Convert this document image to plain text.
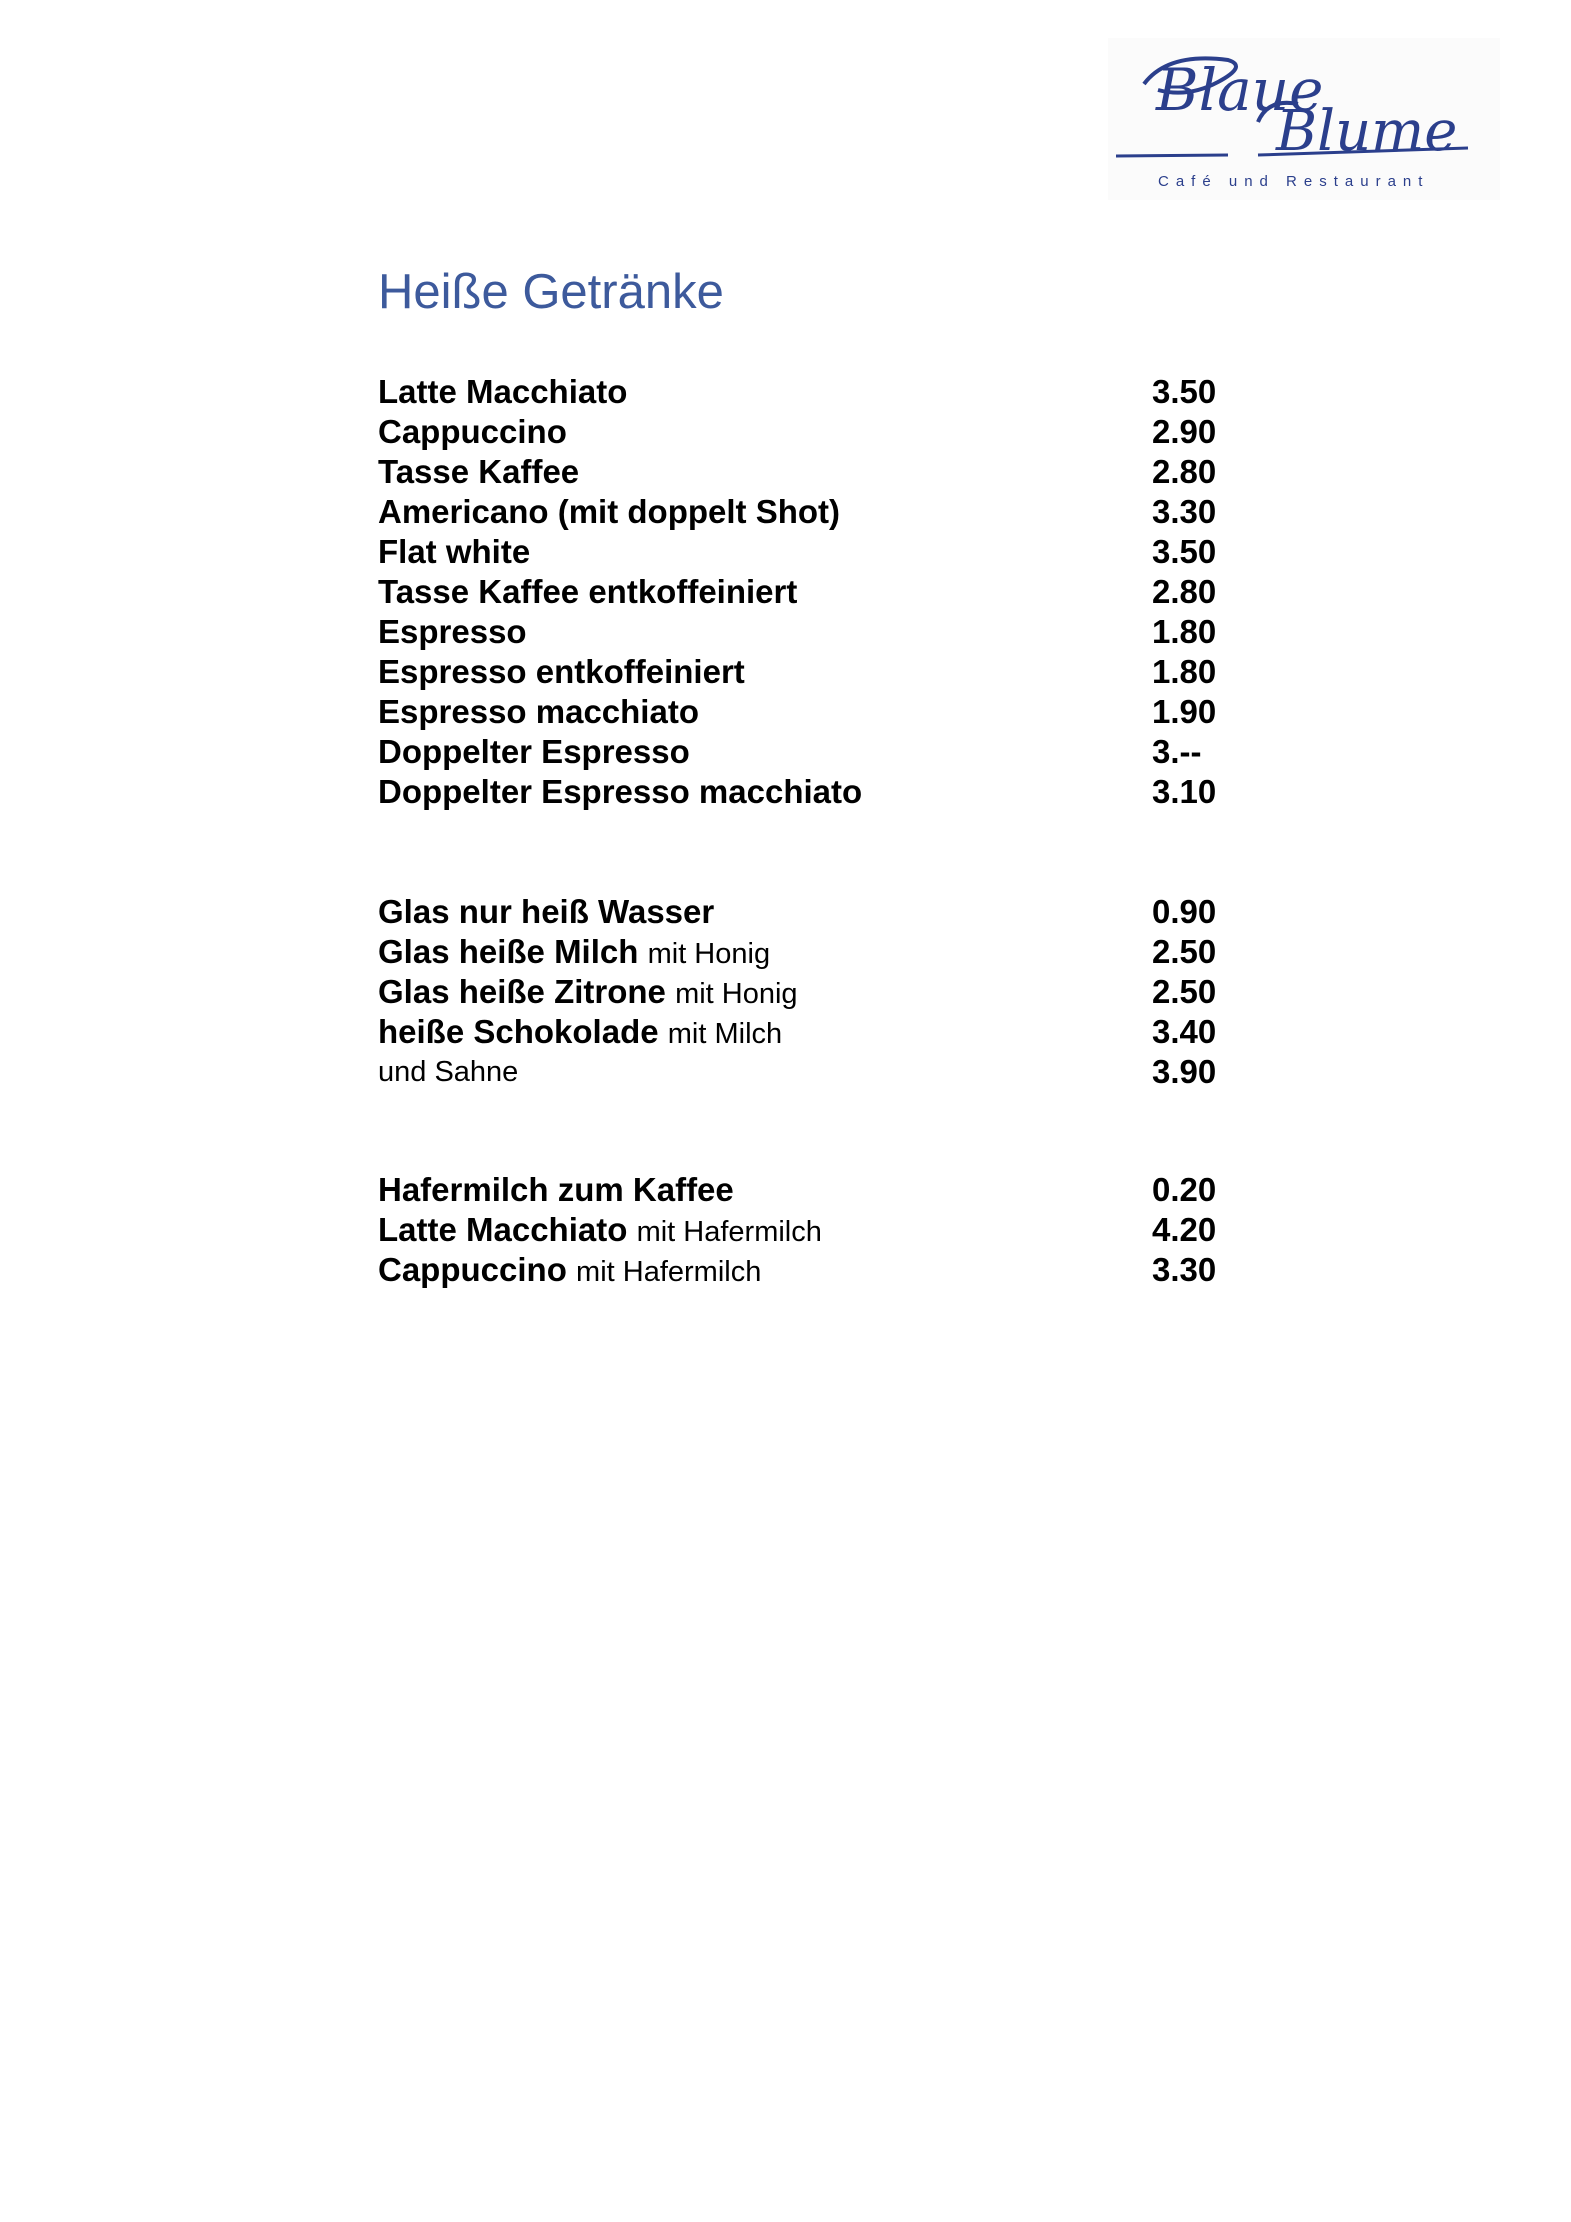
Blaue
Blume
Café und Restaurant
Heiße Getränke
Latte Macchiato	3.50
Cappuccino	2.90
Tasse Kaffee	2.80
Americano (mit doppelt Shot)	3.30
Flat white	3.50
Tasse Kaffee entkoffeiniert	2.80
Espresso	1.80
Espresso entkoffeiniert	1.80
Espresso macchiato	1.90
Doppelter Espresso	3.--
Doppelter Espresso macchiato	3.10
Glas nur heiß Wasser	0.90
Glas heiße Milch mit Honig	2.50
Glas heiße Zitrone mit Honig	2.50
heiße Schokolade mit Milch	3.40
und Sahne	3.90
Hafermilch zum Kaffee	0.20
Latte Macchiato mit Hafermilch	4.20
Cappuccino mit Hafermilch	3.30
